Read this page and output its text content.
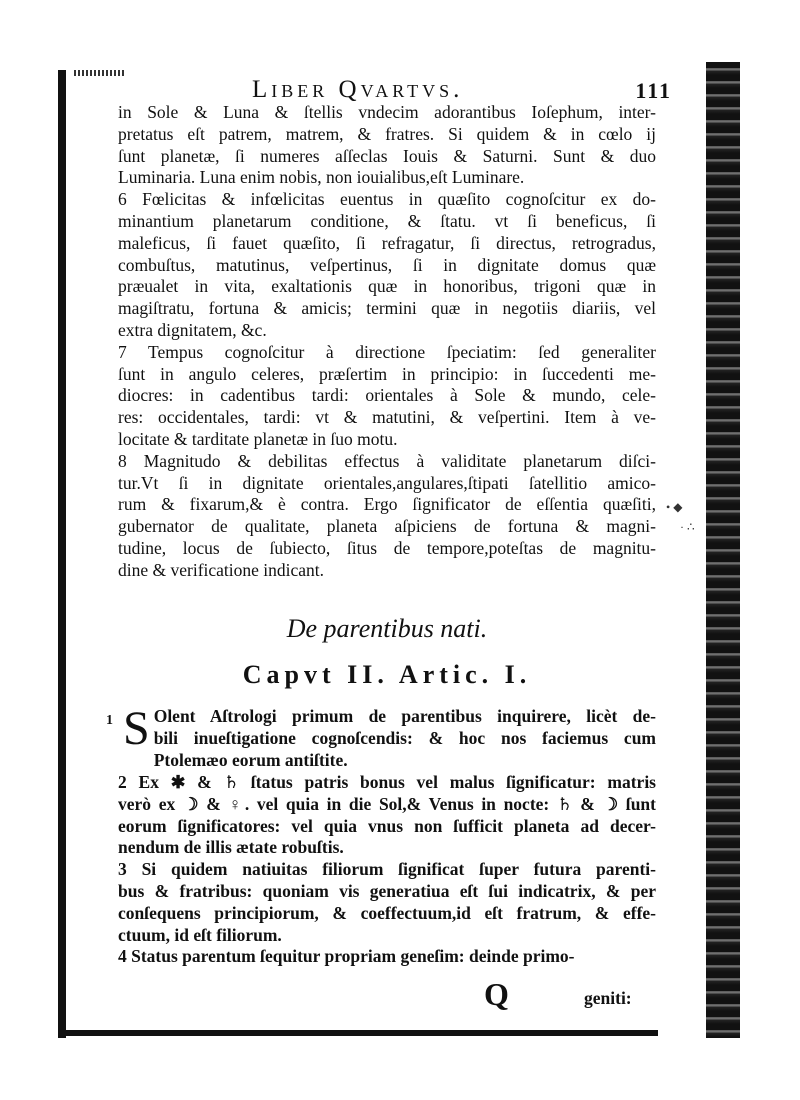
• ◆
· ∴
Liber Qvartvs.	111
in Sole & Luna & ſtellis vndecim adorantibus Ioſephum, inter-
pretatus eſt patrem, matrem, & fratres. Si quidem & in cœlo ij
ſunt planetæ, ſi numeres aſſeclas Iouis & Saturni. Sunt & duo
Luminaria. Luna enim nobis, non iouialibus,eſt Luminare.
6 Fœlicitas & infœlicitas euentus in quæſito cognoſcitur ex do-
minantium planetarum conditione, & ſtatu. vt ſi beneficus, ſi
maleficus, ſi fauet quæſito, ſi refragatur, ſi directus, retrogradus,
combuſtus, matutinus, veſpertinus, ſi in dignitate domus quæ
præualet in vita, exaltationis quæ in honoribus, trigoni quæ in
magiſtratu, fortuna & amicis; termini quæ in negotiis diariis, vel
extra dignitatem, &c.
7 Tempus cognoſcitur à directione ſpeciatim: ſed generaliter
ſunt in angulo celeres, præſertim in principio: in ſuccedenti me-
diocres: in cadentibus tardi: orientales à Sole & mundo, cele-
res: occidentales, tardi: vt & matutini, & veſpertini. Item à ve-
locitate & tarditate planetæ in ſuo motu.
8 Magnitudo & debilitas effectus à validitate planetarum diſci-
tur.Vt ſi in dignitate orientales,angulares,ſtipati ſatellitio amico-
rum & fixarum,& è contra. Ergo ſignificator de eſſentia quæſiti,
gubernator de qualitate, planeta aſpiciens de fortuna & magni-
tudine, locus de ſubiecto, ſitus de tempore,poteſtas de magnitu-
dine & verificatione indicant.
De parentibus nati.
Capvt II. Artic. I.
1 S Olent Aſtrologi primum de parentibus inquirere, licèt de-
bili inueſtigatione cognoſcendis: & hoc nos faciemus cum
Ptolemæo eorum antiſtite.
2 Ex ✱ & ♄ ſtatus patris bonus vel malus ſignificatur: matris
verò ex ☽ & ♀. vel quia in die Sol,& Venus in nocte: ♄ & ☽ ſunt
eorum ſignificatores: vel quia vnus non ſufficit planeta ad decer-
nendum de illis ætate robuſtis.
3 Si quidem natiuitas filiorum ſignificat ſuper futura parenti-
bus & fratribus: quoniam vis generatiua eſt ſui indicatrix, & per
conſequens principiorum, & coeffectuum,id eſt fratrum, & effe-
ctuum, id eſt filiorum.
4 Status parentum ſequitur propriam geneſim: deinde primo-
Q	geniti:
